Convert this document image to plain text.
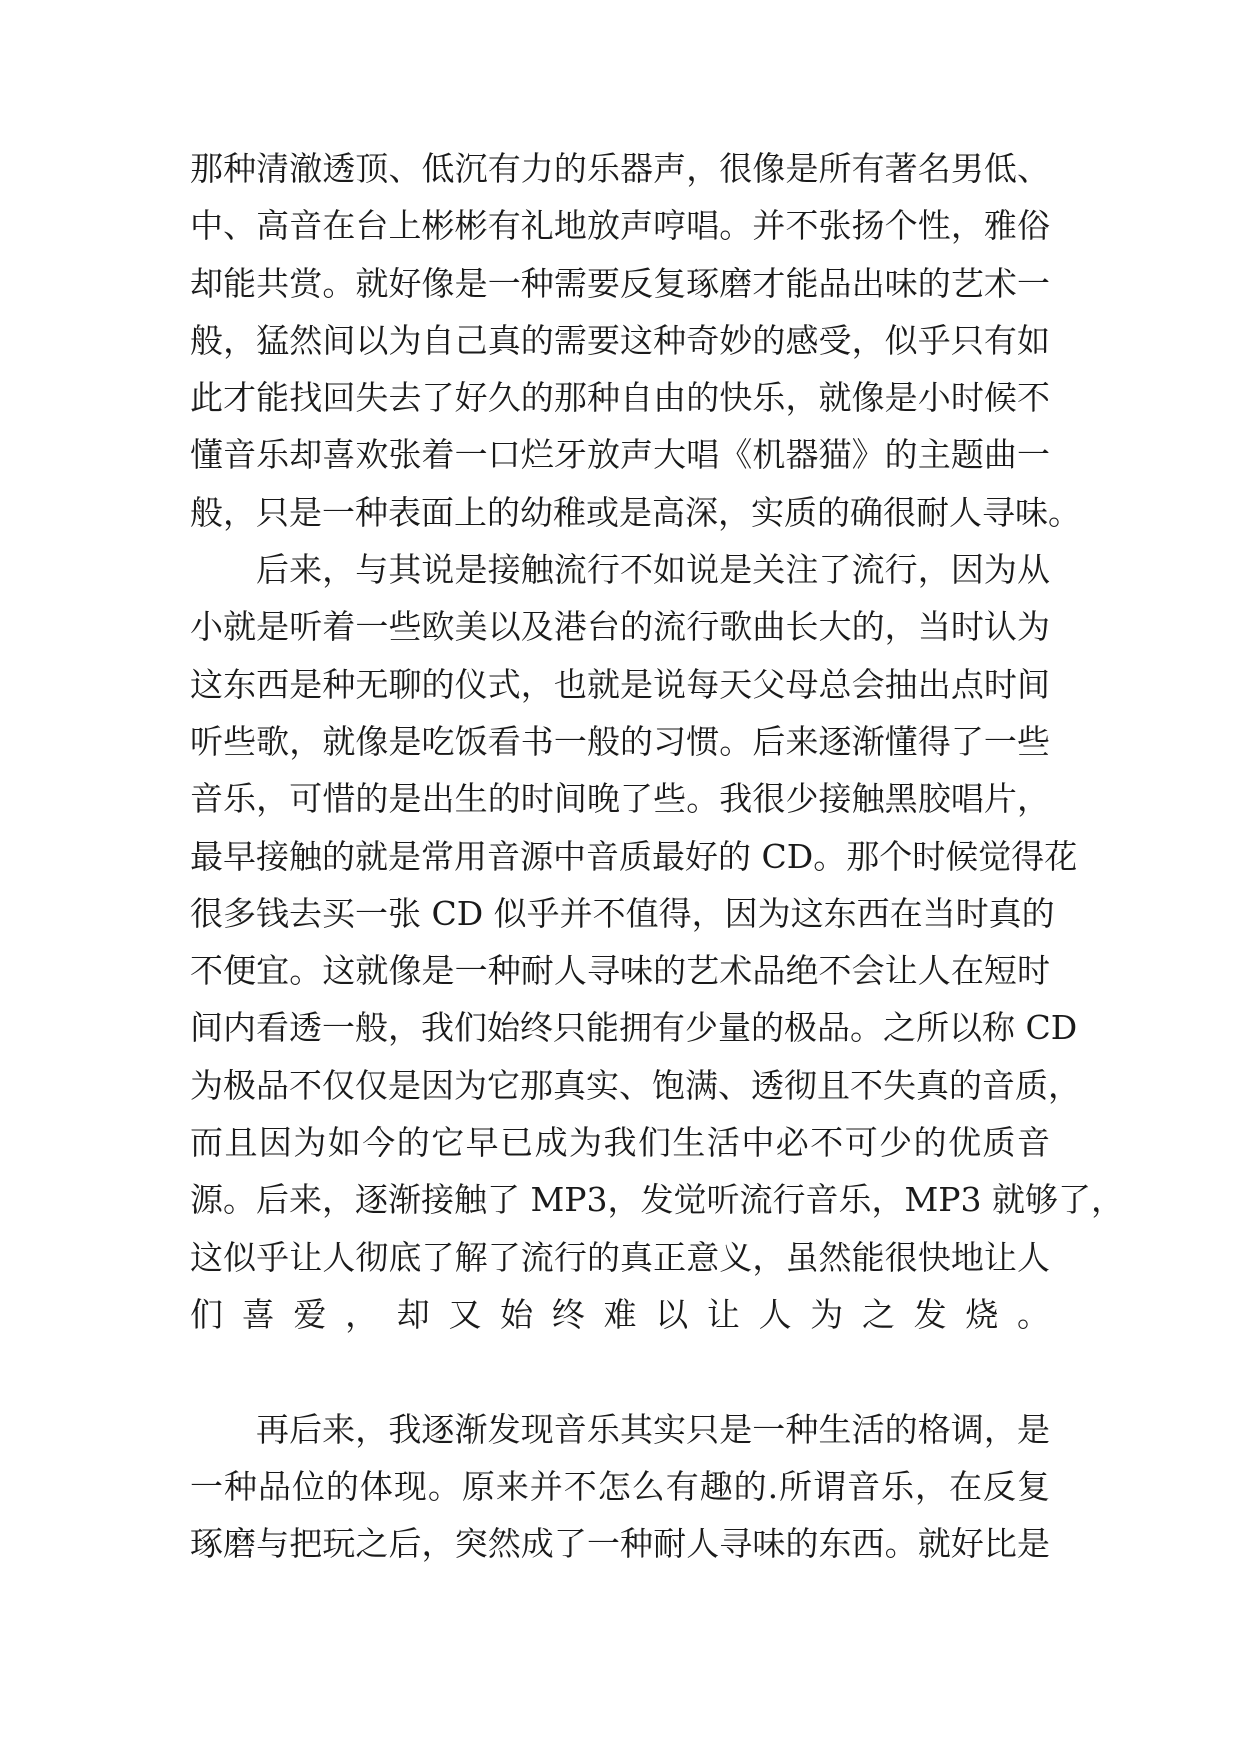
那种清澈透顶、低沉有力的乐器声，很像是所有著名男低、
中、高音在台上彬彬有礼地放声哼唱。并不张扬个性，雅俗
却能共赏。就好像是一种需要反复琢磨才能品出味的艺术一
般，猛然间以为自己真的需要这种奇妙的感受，似乎只有如
此才能找回失去了好久的那种自由的快乐，就像是小时候不
懂音乐却喜欢张着一口烂牙放声大唱《机器猫》的主题曲一
般，只是一种表面上的幼稚或是高深，实质的确很耐人寻味。
后来，与其说是接触流行不如说是关注了流行，因为从
小就是听着一些欧美以及港台的流行歌曲长大的，当时认为
这东西是种无聊的仪式，也就是说每天父母总会抽出点时间
听些歌，就像是吃饭看书一般的习惯。后来逐渐懂得了一些
音乐，可惜的是出生的时间晚了些。我很少接触黑胶唱片，
最早接触的就是常用音源中音质最好的 CD。那个时候觉得花
很多钱去买一张 CD 似乎并不值得，因为这东西在当时真的
不便宜。这就像是一种耐人寻味的艺术品绝不会让人在短时
间内看透一般，我们始终只能拥有少量的极品。之所以称 CD
为极品不仅仅是因为它那真实、饱满、透彻且不失真的音质，
而且因为如今的它早已成为我们生活中必不可少的优质音
源。后来，逐渐接触了 MP3，发觉听流行音乐，MP3 就够了，
这似乎让人彻底了解了流行的真正意义，虽然能很快地让人
们喜爱，却又始终难以让人为之发烧。
再后来，我逐渐发现音乐其实只是一种生活的格调，是
一种品位的体现。原来并不怎么有趣的.所谓音乐，在反复
琢磨与把玩之后，突然成了一种耐人寻味的东西。就好比是
